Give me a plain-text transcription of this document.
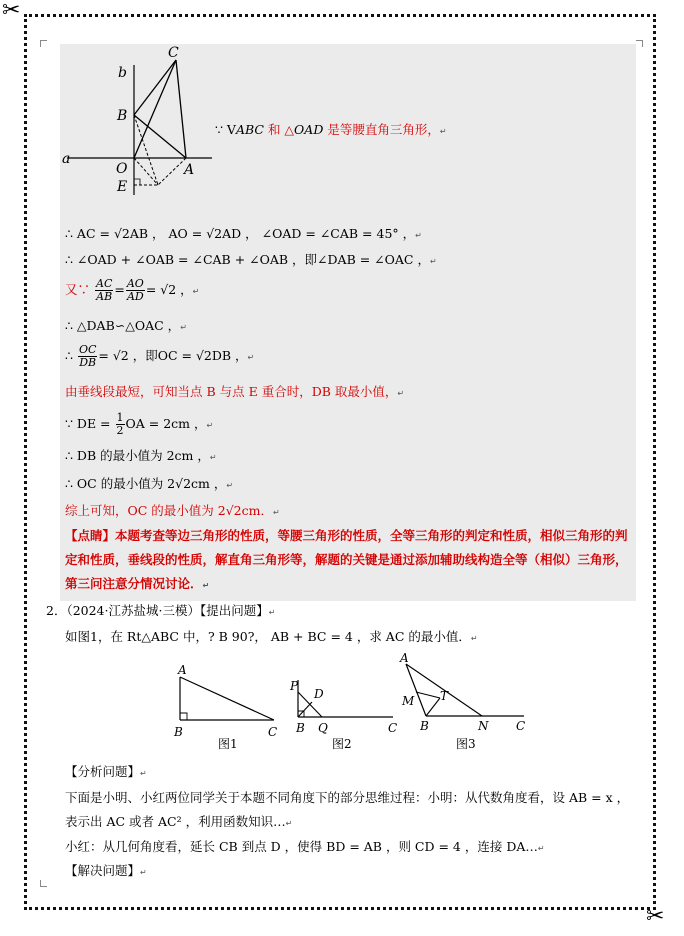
✂
✂
a
b
C
B
O	A
E
∵ VABC 和 △OAD 是等腰直角三角形，↵
∴ AC = √2AB ， AO = √2AD ， ∠OAD = ∠CAB = 45° ，↵
∴ ∠OAD + ∠OAB = ∠CAB + ∠OAB ，即∠DAB = ∠OAC ，↵
又∵ $\frac{AC}{AB} = \frac{AO}{AD} = √2$ ，↵
∴ △DAB∽△OAC ，↵
∴ $\frac{OC}{DB} = √2$ ，即OC = √2DB ，↵
由垂线段最短，可知当点 B 与点 E 重合时，DB 取最小值，↵
∵ DE = $\frac{1}{2}$ OA = 2cm ，↵
∴ DB 的最小值为 2cm ，↵
∴ OC 的最小值为 2√2cm ，↵
综上可知，OC 的最小值为 2√2cm．↵
【点睛】本题考查等边三角形的性质，等腰三角形的性质，全等三角形的判定和性质，相似三角形的判定和性质，垂线段的性质，解直角三角形等，解题的关键是通过添加辅助线构造全等（相似）三角形，第三问注意分情况讨论．↵
2．（2024·江苏盐城·三模）【提出问题】↵
如图1，在 Rt△ABC 中，? B 90?， AB + BC = 4 ，求 AC 的最小值．↵
A
B	C
图1
P
D
B Q	C
图2
A
M T
B	N C
图3
【分析问题】↵
下面是小明、小红两位同学关于本题不同角度下的部分思维过程：小明：从代数角度看，设 AB = x ，
表示出 AC 或者 AC² ，利用函数知识…↵
小红：从几何角度看，延长 CB 到点 D ，使得 BD = AB ，则 CD = 4 ，连接 DA…↵
【解决问题】↵
